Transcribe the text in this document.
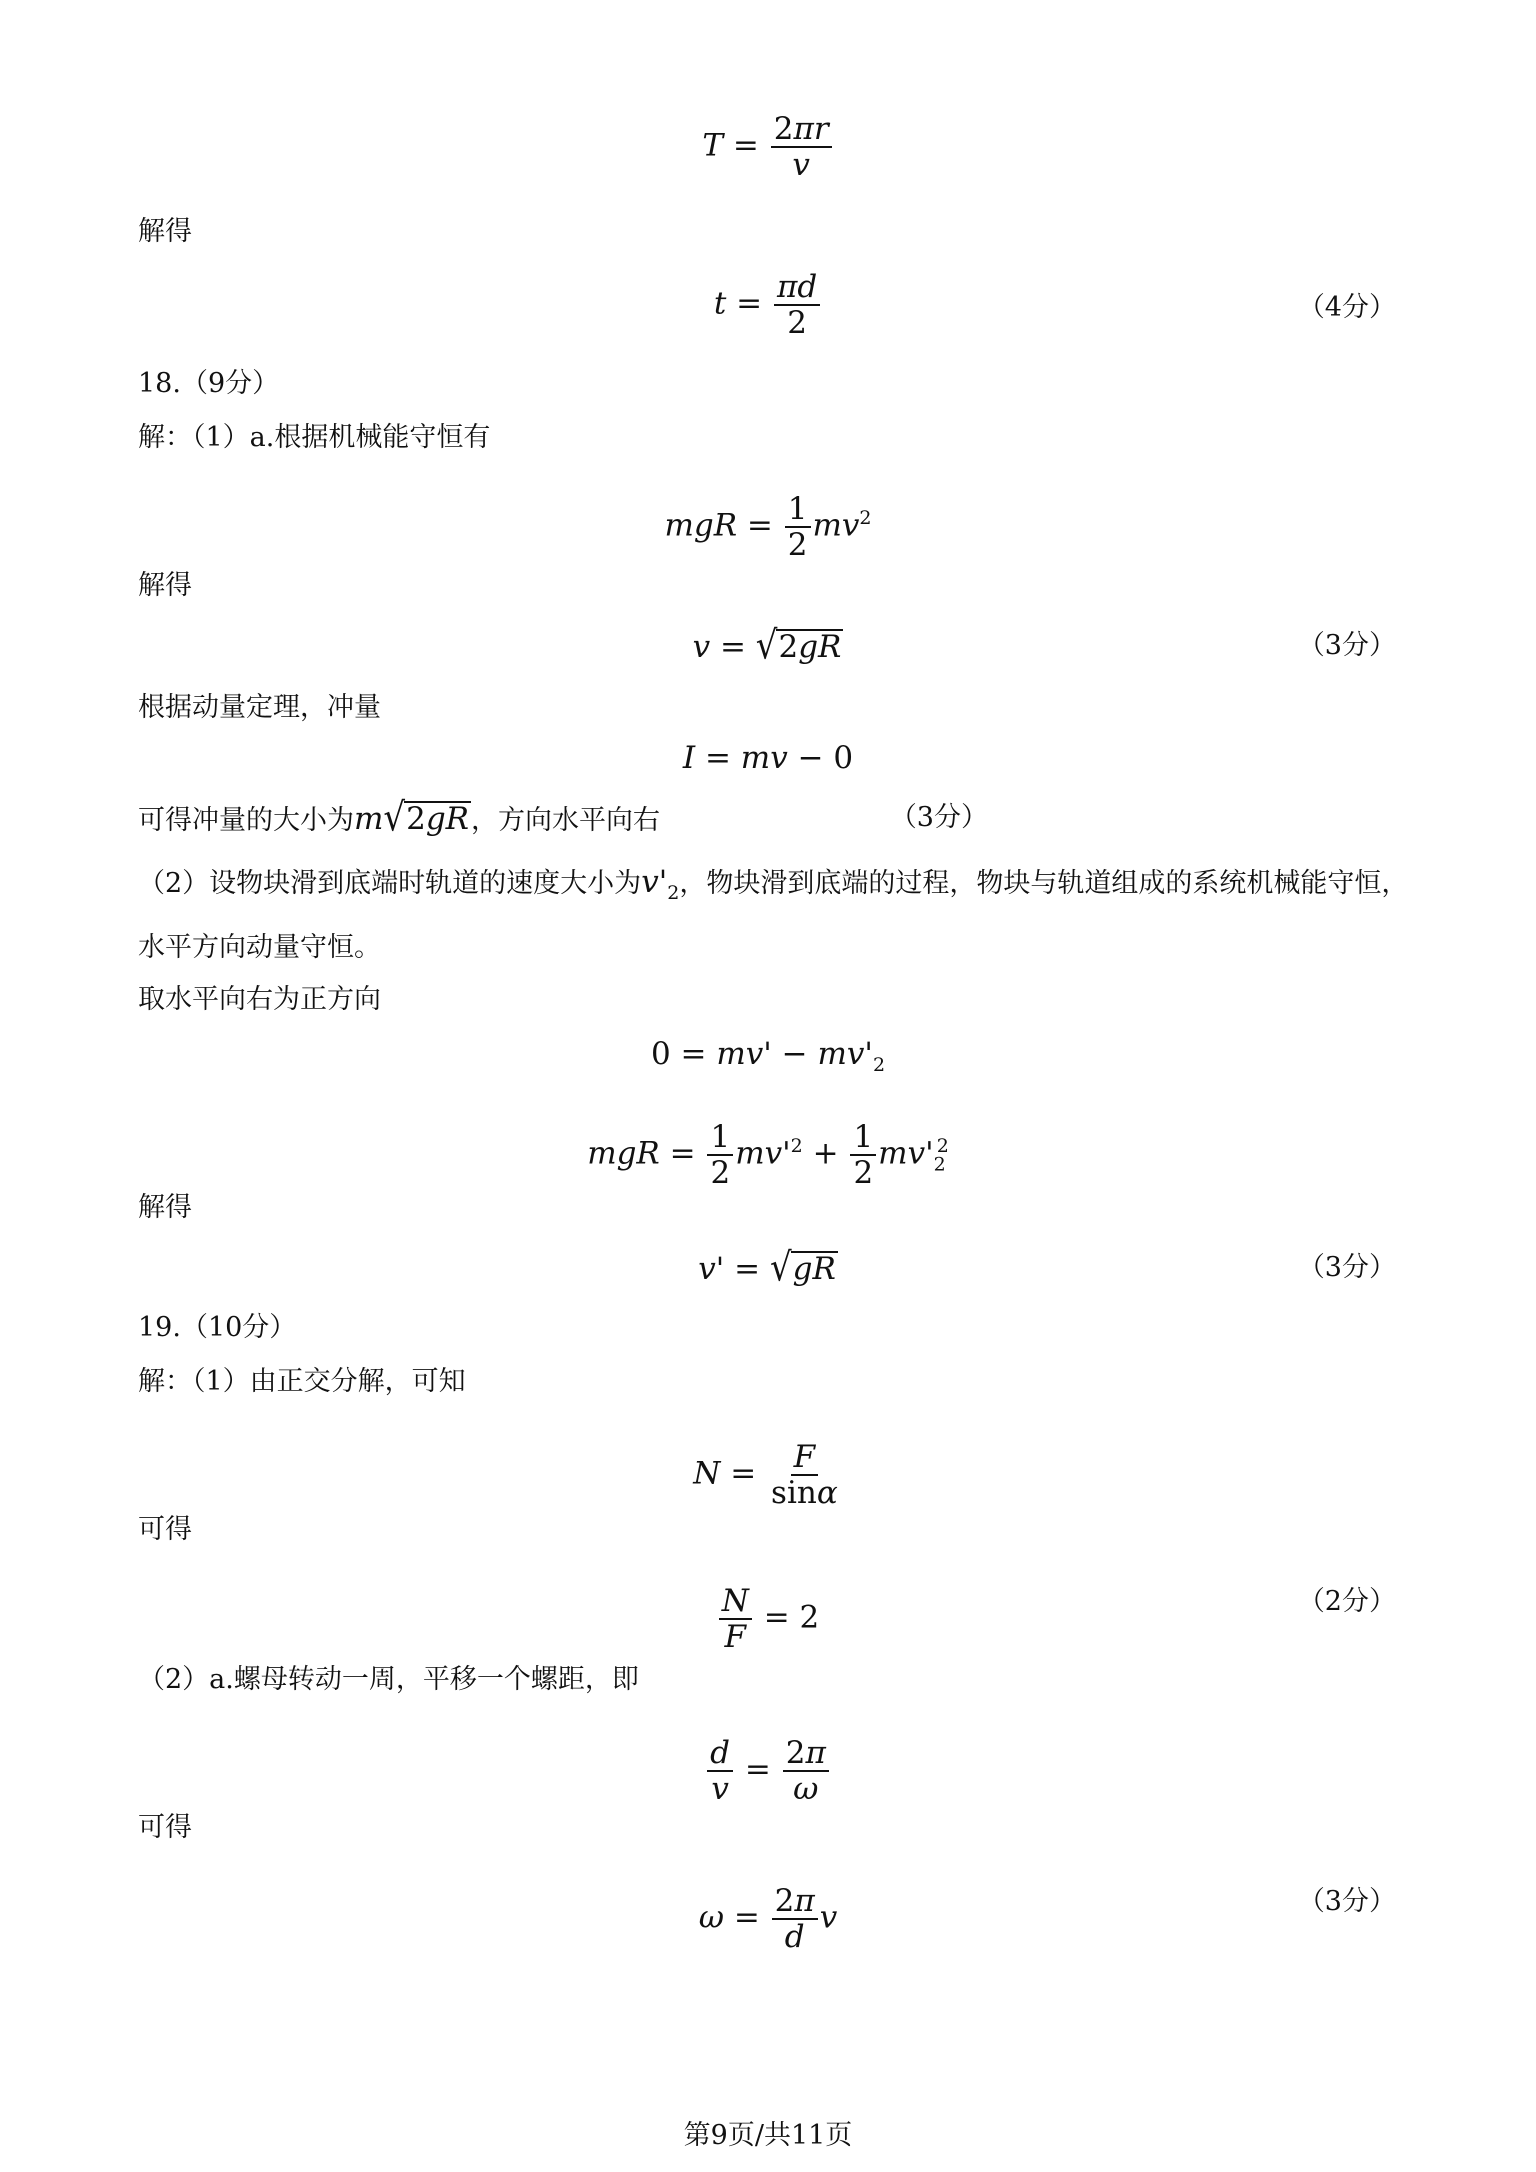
$T = \frac{2\pi r}{v}$
解得
$t = \frac{\pi d}{2}$	（4分）
18.（9分）
解：（1）a.根据机械能守恒有
mgR = $\frac{1}{2} mv^2$
解得
v = √2gR	（3分）
根据动量定理，冲量
I = mv − 0
可得冲量的大小为m√2gR，方向水平向右	（3分）
（2）设物块滑到底端时轨道的速度大小为$v'_2$，物块滑到底端的过程，物块与轨道组成的系统机械能守恒，
水平方向动量守恒。
取水平向右为正方向
$0 = mv' - mv'_2$
mgR = $\frac{1}{2} mv'^2 + \frac{1}{2} mv'_2^2$
解得
v' = √gR	（3分）
19.（10分）
解：（1）由正交分解，可知
$N = \frac{F}{\sin\alpha}$
可得
$\frac{N}{F} = 2$	（2分）
（2）a.螺母转动一周，平移一个螺距，即
$\frac{d}{v} = \frac{2\pi}{\omega}$
可得
$\omega = \frac{2\pi}{d}$ v	（3分）
第9页/共11页
